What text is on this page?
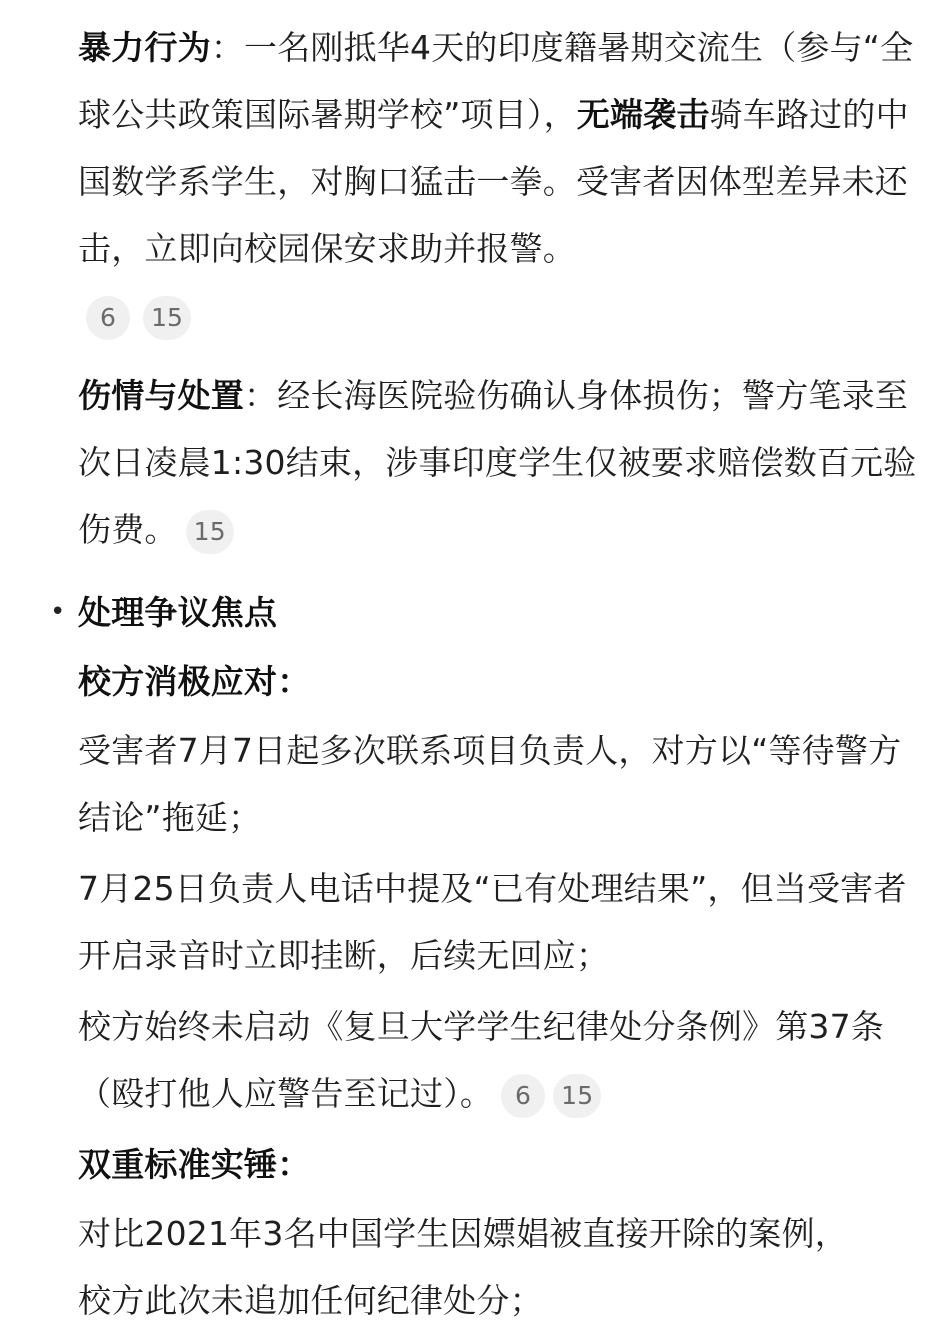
暴力行为：一名刚抵华4天的印度籍暑期交流生（参与“全球公共政策国际暑期学校”项目），无端袭击骑车路过的中国数学系学生，对胸口猛击一拳。受害者因体型差异未还击，立即向校园保安求助并报警。
6 15
伤情与处置：经长海医院验伤确认身体损伤；警方笔录至次日凌晨1:30结束，涉事印度学生仅被要求赔偿数百元验伤费。 15
• 处理争议焦点
校方消极应对：
受害者7月7日起多次联系项目负责人，对方以“等待警方结论”拖延；
7月25日负责人电话中提及“已有处理结果”，但当受害者开启录音时立即挂断，后续无回应；
校方始终未启动《复旦大学学生纪律处分条例》第37条（殴打他人应警告至记过）。 6 15
双重标准实锤：
对比2021年3名中国学生因嫖娼被直接开除的案例，
校方此次未追加任何纪律处分；
